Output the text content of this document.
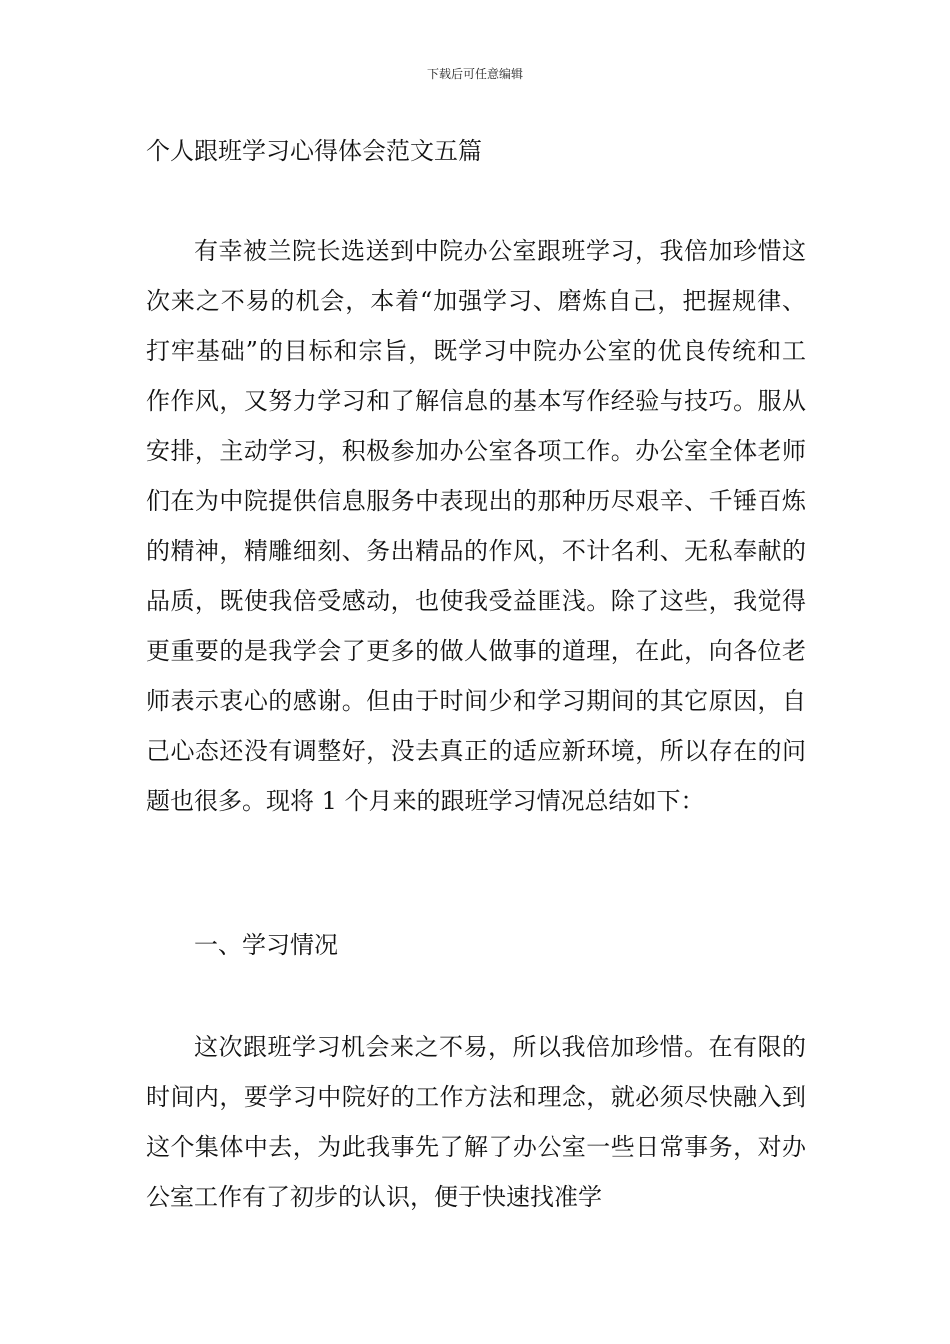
下载后可任意编辑
个人跟班学习心得体会范文五篇

有幸被兰院长选送到中院办公室跟班学习，我倍加珍惜这次来之不易的机会，本着“加强学习、磨炼自己，把握规律、打牢基础”的目标和宗旨，既学习中院办公室的优良传统和工作作风，又努力学习和了解信息的基本写作经验与技巧。服从安排，主动学习，积极参加办公室各项工作。办公室全体老师们在为中院提供信息服务中表现出的那种历尽艰辛、千锤百炼的精神，精雕细刻、务出精品的作风，不计名利、无私奉献的品质，既使我倍受感动，也使我受益匪浅。除了这些，我觉得更重要的是我学会了更多的做人做事的道理，在此，向各位老师表示衷心的感谢。但由于时间少和学习期间的其它原因，自己心态还没有调整好，没去真正的适应新环境，所以存在的问题也很多。现将 1 个月来的跟班学习情况总结如下：

一、学习情况

这次跟班学习机会来之不易，所以我倍加珍惜。在有限的时间内，要学习中院好的工作方法和理念，就必须尽快融入到这个集体中去，为此我事先了解了办公室一些日常事务，对办公室工作有了初步的认识，便于快速找准学
